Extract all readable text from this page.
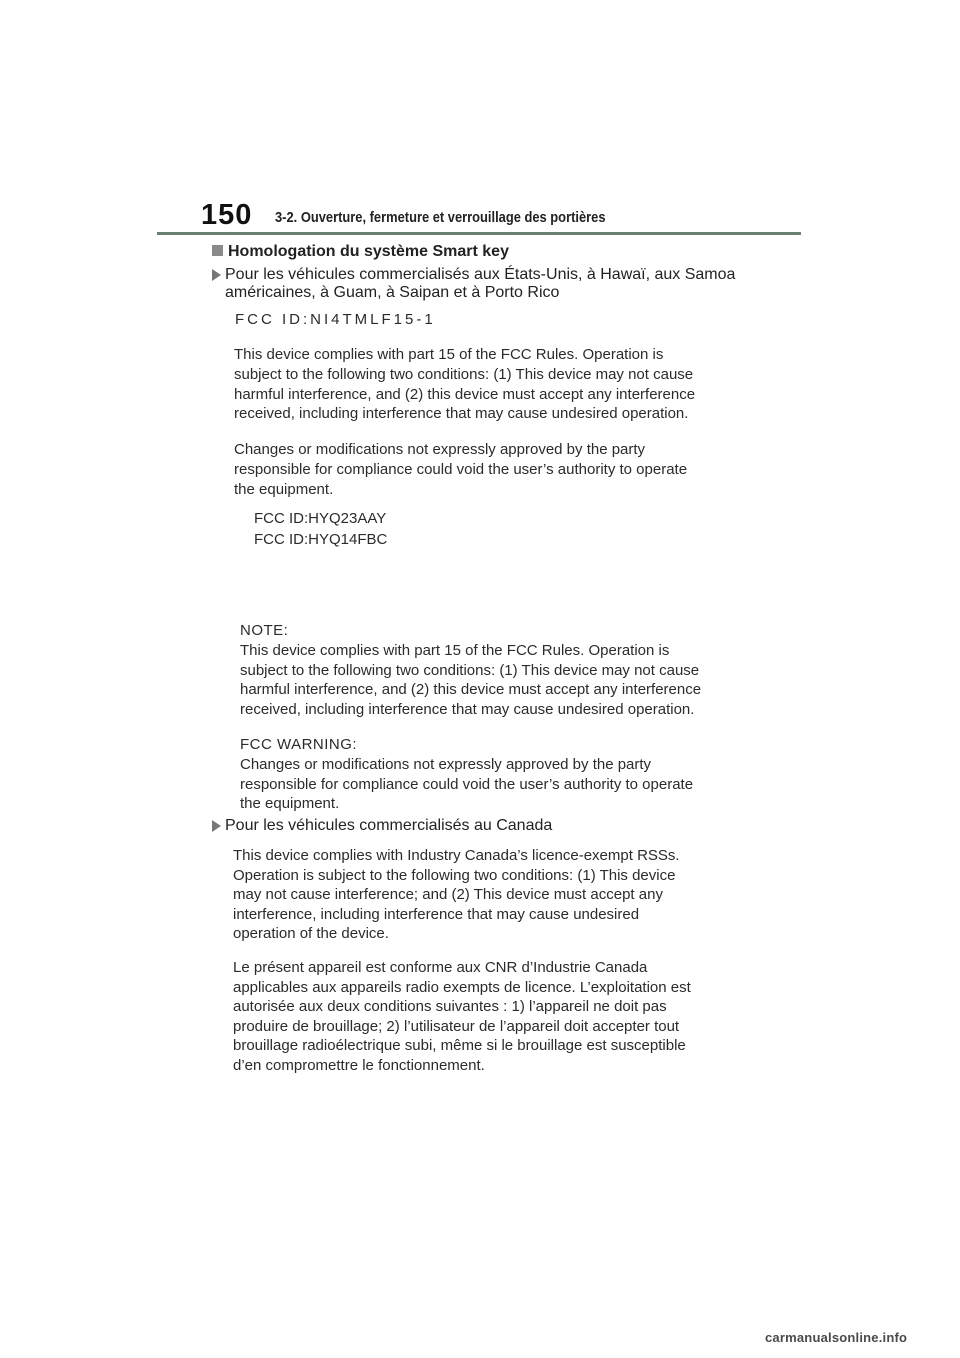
150 3-2. Ouverture, fermeture et verrouillage des portières
Homologation du système Smart key
Pour les véhicules commercialisés aux États-Unis, à Hawaï, aux Samoa
américaines, à Guam, à Saipan et à Porto Rico
FCC ID:NI4TMLF15-1
This device complies with part 15 of the FCC Rules. Operation is
subject to the following two conditions: (1) This device may not cause
harmful interference, and (2) this device must accept any interference
received, including interference that may cause undesired operation.
Changes or modifications not expressly approved by the party
responsible for compliance could void the user’s authority to operate
the equipment.
FCC ID:HYQ23AAY
FCC ID:HYQ14FBC
NOTE:
This device complies with part 15 of the FCC Rules. Operation is
subject to the following two conditions: (1) This device may not cause
harmful interference, and (2) this device must accept any interference
received, including interference that may cause undesired operation.
FCC WARNING:
Changes or modifications not expressly approved by the party
responsible for compliance could void the user’s authority to operate
the equipment.
Pour les véhicules commercialisés au Canada
This device complies with Industry Canada’s licence-exempt RSSs.
Operation is subject to the following two conditions: (1) This device
may not cause interference; and (2) This device must accept any
interference, including interference that may cause undesired
operation of the device.
Le présent appareil est conforme aux CNR d’Industrie Canada
applicables aux appareils radio exempts de licence. L’exploitation est
autorisée aux deux conditions suivantes : 1) l’appareil ne doit pas
produire de brouillage; 2) l’utilisateur de l’appareil doit accepter tout
brouillage radioélectrique subi, même si le brouillage est susceptible
d’en compromettre le fonctionnement.
carmanualsonline.info
